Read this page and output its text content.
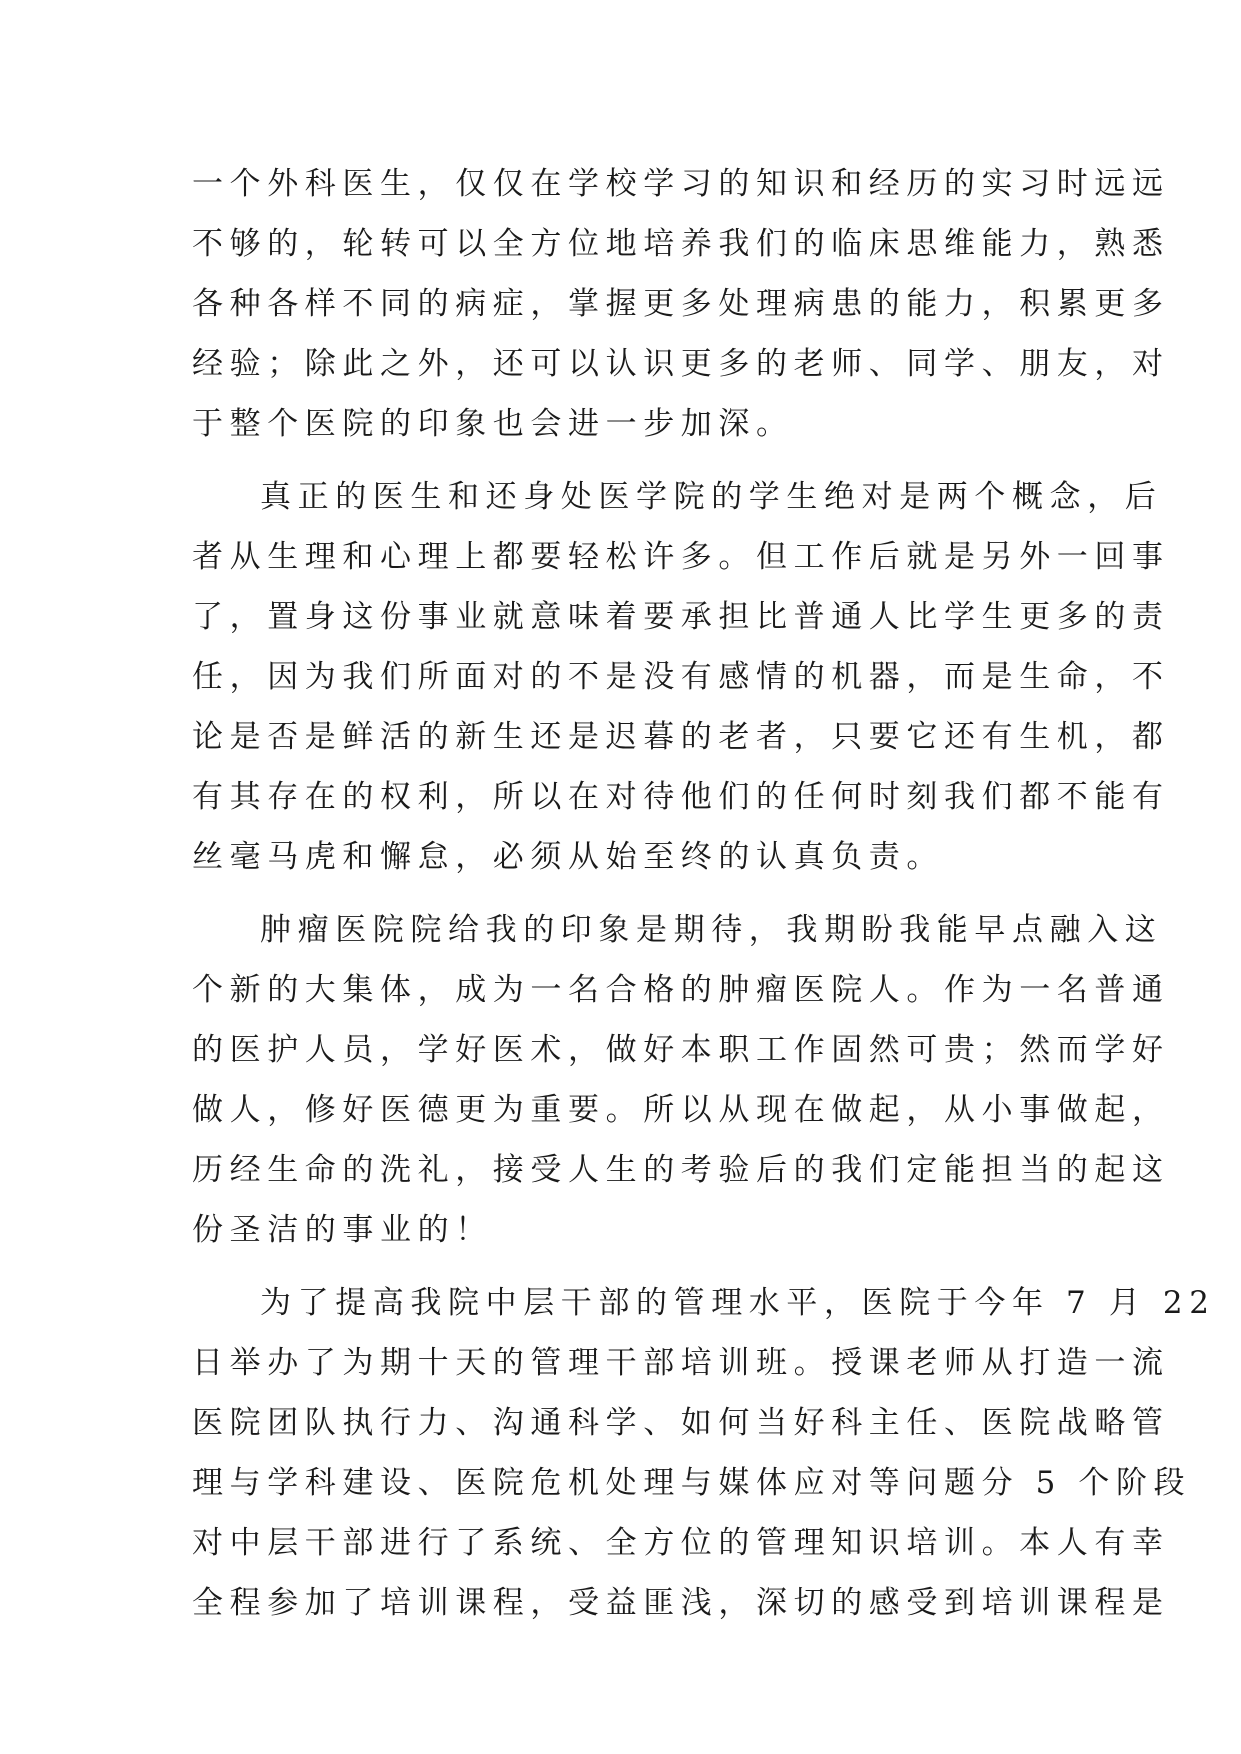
一个外科医生，仅仅在学校学习的知识和经历的实习时远远
不够的，轮转可以全方位地培养我们的临床思维能力，熟悉
各种各样不同的病症，掌握更多处理病患的能力，积累更多
经验；除此之外，还可以认识更多的老师、同学、朋友，对
于整个医院的印象也会进一步加深。
真正的医生和还身处医学院的学生绝对是两个概念，后
者从生理和心理上都要轻松许多。但工作后就是另外一回事
了，置身这份事业就意味着要承担比普通人比学生更多的责
任，因为我们所面对的不是没有感情的机器，而是生命，不
论是否是鲜活的新生还是迟暮的老者，只要它还有生机，都
有其存在的权利，所以在对待他们的任何时刻我们都不能有
丝毫马虎和懈怠，必须从始至终的认真负责。
肿瘤医院院给我的印象是期待，我期盼我能早点融入这
个新的大集体，成为一名合格的肿瘤医院人。作为一名普通
的医护人员，学好医术，做好本职工作固然可贵；然而学好
做人，修好医德更为重要。所以从现在做起，从小事做起，
历经生命的洗礼，接受人生的考验后的我们定能担当的起这
份圣洁的事业的！
为了提高我院中层干部的管理水平，医院于今年 7 月 22
日举办了为期十天的管理干部培训班。授课老师从打造一流
医院团队执行力、沟通科学、如何当好科主任、医院战略管
理与学科建设、医院危机处理与媒体应对等问题分 5 个阶段
对中层干部进行了系统、全方位的管理知识培训。本人有幸
全程参加了培训课程，受益匪浅，深切的感受到培训课程是
